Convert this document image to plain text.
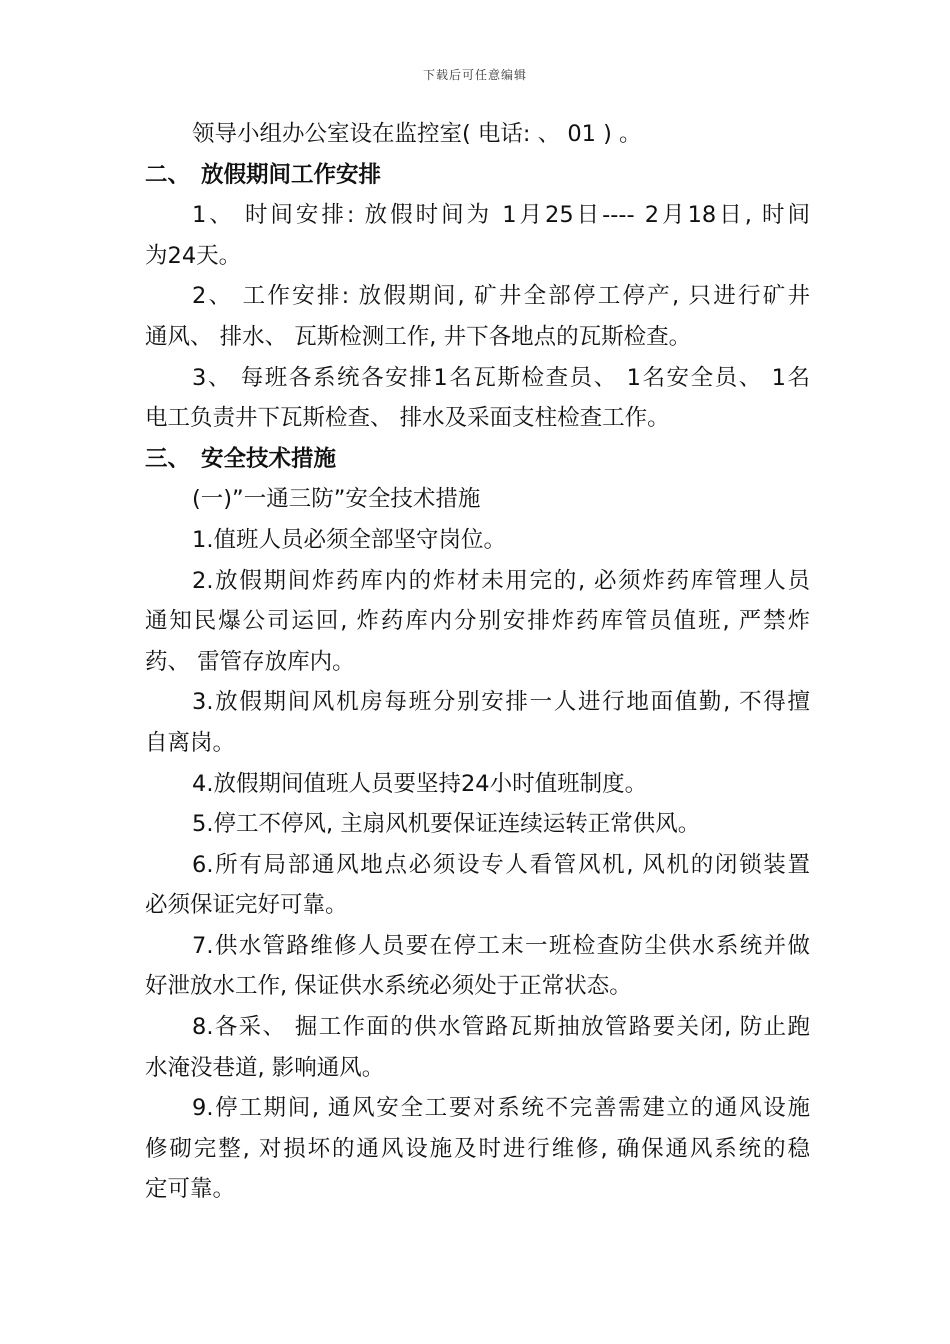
下载后可任意编辑
领导小组办公室设在监控室( 电话: 、 01 ) 。
二、 放假期间工作安排
1、 时间安排: 放假时间为 1月25日---- 2月18日, 时间
为24天。
2、 工作安排: 放假期间, 矿井全部停工停产, 只进行矿井
通风、 排水、 瓦斯检测工作, 井下各地点的瓦斯检查。
3、 每班各系统各安排1名瓦斯检查员、 1名安全员、 1名
电工负责井下瓦斯检查、 排水及采面支柱检查工作。
三、 安全技术措施
(一)”一通三防”安全技术措施
1.值班人员必须全部坚守岗位。
2.放假期间炸药库内的炸材未用完的, 必须炸药库管理人员
通知民爆公司运回, 炸药库内分别安排炸药库管员值班, 严禁炸
药、 雷管存放库内。
3.放假期间风机房每班分别安排一人进行地面值勤, 不得擅
自离岗。
4.放假期间值班人员要坚持24小时值班制度。
5.停工不停风, 主扇风机要保证连续运转正常供风。
6.所有局部通风地点必须设专人看管风机, 风机的闭锁装置
必须保证完好可靠。
7.供水管路维修人员要在停工末一班检查防尘供水系统并做
好泄放水工作, 保证供水系统必须处于正常状态。
8.各采、 掘工作面的供水管路瓦斯抽放管路要关闭, 防止跑
水淹没巷道, 影响通风。
9.停工期间, 通风安全工要对系统不完善需建立的通风设施
修砌完整, 对损坏的通风设施及时进行维修, 确保通风系统的稳
定可靠。
